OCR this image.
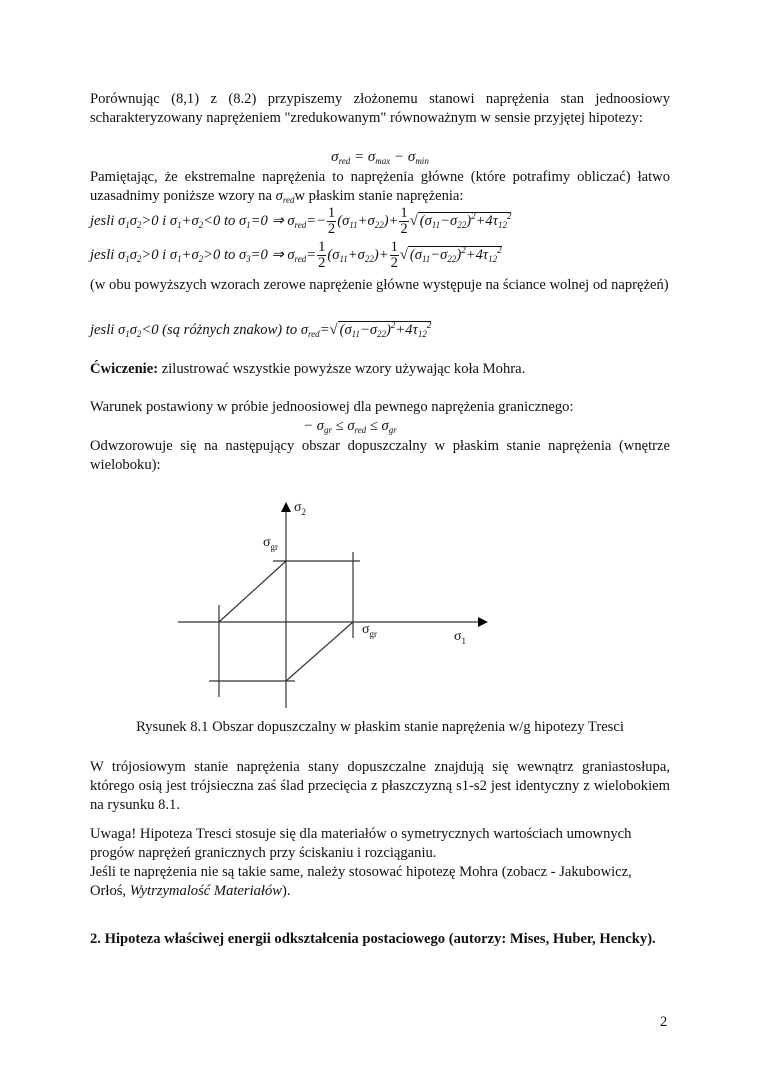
Porównując (8,1) z (8.2) przypiszemy złożonemu stanowi naprężenia stan jednoosiowy scharakteryzowany naprężeniem "zredukowanym" równoważnym w sensie przyjętej hipotezy:

$\sigma_{red} = \sigma_{max} - \sigma_{min}$

Pamiętając, że ekstremalne naprężenia to naprężenia główne (które potrafimy obliczać) łatwo uzasadnimy poniższe wzory na $\sigma_{red}w$ płaskim stanie naprężenia:

jesli $\sigma_1\sigma_2>0$ i $\sigma_1+\sigma_2<0$ to $\sigma_1=0$ ⇒ $\sigma_{red}=- \frac{1}{2} (\sigma_{11}+\sigma_{22})+ \frac{1}{2}$ √ $(\sigma_{11}-\sigma_{22})^2+4\tau_{12}^2$
jesli $\sigma_1\sigma_2>0$ i $\sigma_1+\sigma_2>0$ to $\sigma_3=0$ ⇒ $\sigma_{red}= \frac{1}{2} (\sigma_{11}+\sigma_{22})+ \frac{1}{2}$ √ $(\sigma_{11}-\sigma_{22})^2+4\tau_{12}^2$

(w obu powyższych wzorach zerowe naprężenie główne występuje na ściance wolnej od naprężeń)

jesli $\sigma_1\sigma_2<0$ (są różnych znakow) to $\sigma_{red}=√$ $(\sigma_{11}-\sigma_{22})^2+4\tau_{12}^2$

Ćwiczenie: zilustrować wszystkie powyższe wzory używając koła Mohra.

Warunek postawiony w próbie jednoosiowej dla pewnego naprężenia granicznego:

− $\sigma_{gr} \le \sigma_{red} \le \sigma_{gr}$

Odwzorowuje się na następujący obszar dopuszczalny w płaskim stanie naprężenia (wnętrze wieloboku):

$\sigma_2$
$\sigma_{gr}$
$\sigma_{gr}$	$\sigma_1$

Rysunek 8.1 Obszar dopuszczalny w płaskim stanie naprężenia w/g hipotezy Tresci

W trójosiowym stanie naprężenia stany dopuszczalne znajdują się wewnątrz graniastosłupa, którego osią jest trójsieczna zaś ślad przecięcia z płaszczyzną s1-s2 jest identyczny z wielobokiem na rysunku 8.1.

Uwaga! Hipoteza Tresci stosuje się dla materiałów o symetrycznych wartościach umownych progów naprężeń granicznych przy ściskaniu i rozciąganiu.

Jeśli te naprężenia nie są takie same, należy stosować hipotezę Mohra (zobacz - Jakubowicz, Orłoś, Wytrzymalość Materiałów).

2. Hipoteza właściwej energii odkształcenia postaciowego (autorzy: Mises, Huber, Hencky).

2
